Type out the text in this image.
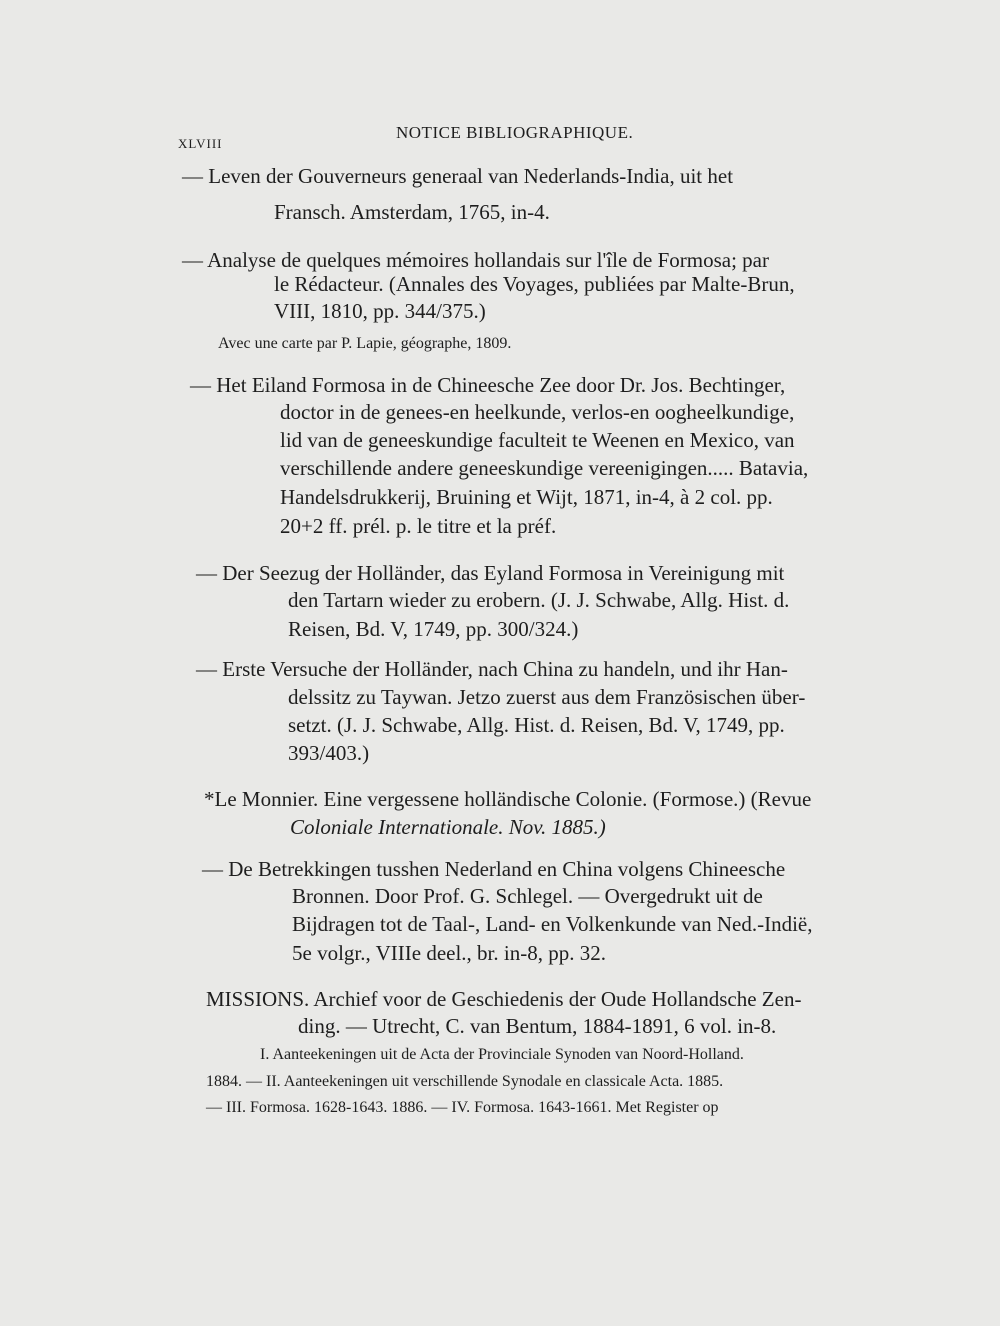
XLVIII
NOTICE BIBLIOGRAPHIQUE.
— Leven der Gouverneurs generaal van Nederlands-India, uit het
Fransch. Amsterdam, 1765, in-4.
— Analyse de quelques mémoires hollandais sur l'île de Formosa; par
le Rédacteur. (Annales des Voyages, publiées par Malte-Brun,
VIII, 1810, pp. 344/375.)
Avec une carte par P. Lapie, géographe, 1809.
— Het Eiland Formosa in de Chineesche Zee door Dr. Jos. Bechtinger,
doctor in de genees-en heelkunde, verlos-en oogheelkundige,
lid van de geneeskundige faculteit te Weenen en Mexico, van
verschillende andere geneeskundige vereenigingen..... Batavia,
Handelsdrukkerij, Bruining et Wijt, 1871, in-4, à 2 col. pp.
20+2 ff. prél. p. le titre et la préf.
— Der Seezug der Holländer, das Eyland Formosa in Vereinigung mit
den Tartarn wieder zu erobern. (J. J. Schwabe, Allg. Hist. d.
Reisen, Bd. V, 1749, pp. 300/324.)
— Erste Versuche der Holländer, nach China zu handeln, und ihr Han-
delssitz zu Taywan. Jetzo zuerst aus dem Französischen über-
setzt. (J. J. Schwabe, Allg. Hist. d. Reisen, Bd. V, 1749, pp.
393/403.)
*Le Monnier. Eine vergessene holländische Colonie. (Formose.) (Revue
Coloniale Internationale. Nov. 1885.)
— De Betrekkingen tusshen Nederland en China volgens Chineesche
Bronnen. Door Prof. G. Schlegel. — Overgedrukt uit de
Bijdragen tot de Taal-, Land- en Volkenkunde van Ned.-Indië,
5e volgr., VIIIe deel., br. in-8, pp. 32.
MISSIONS. Archief voor de Geschiedenis der Oude Hollandsche Zen-
ding. — Utrecht, C. van Bentum, 1884-1891, 6 vol. in-8.
I. Aanteekeningen uit de Acta der Provinciale Synoden van Noord-Holland.
1884. — II. Aanteekeningen uit verschillende Synodale en classicale Acta. 1885.
— III. Formosa. 1628-1643. 1886. — IV. Formosa. 1643-1661. Met Register op
